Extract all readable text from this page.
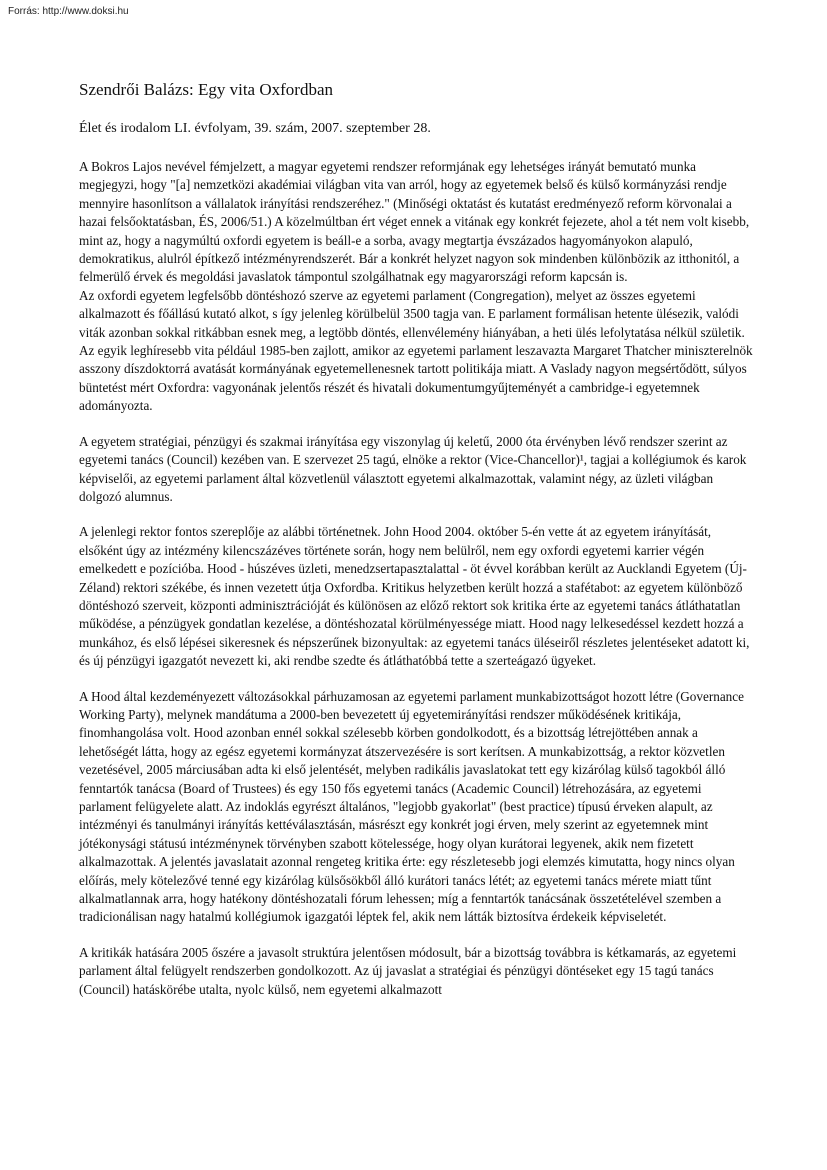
Forrás: http://www.doksi.hu
Szendrői Balázs: Egy vita Oxfordban
Élet és irodalom LI. évfolyam, 39. szám, 2007. szeptember 28.
A Bokros Lajos nevével fémjelzett, a magyar egyetemi rendszer reformjának egy lehetséges irányát bemutató munka megjegyzi, hogy "[a] nemzetközi akadémiai világban vita van arról, hogy az egyetemek belső és külső kormányzási rendje mennyire hasonlítson a vállalatok irányítási rendszeréhez." (Minőségi oktatást és kutatást eredményező reform körvonalai a hazai felsőoktatásban, ÉS, 2006/51.) A közelmúltban ért véget ennek a vitának egy konkrét fejezete, ahol a tét nem volt kisebb, mint az, hogy a nagymúltú oxfordi egyetem is beáll-e a sorba, avagy megtartja évszázados hagyományokon alapuló, demokratikus, alulról építkező intézményrendszerét. Bár a konkrét helyzet nagyon sok mindenben különbözik az itthonitól, a felmerülő érvek és megoldási javaslatok támpontul szolgálhatnak egy magyarországi reform kapcsán is.
Az oxfordi egyetem legfelsőbb döntéshozó szerve az egyetemi parlament (Congregation), melyet az összes egyetemi alkalmazott és főállású kutató alkot, s így jelenleg körülbelül 3500 tagja van. E parlament formálisan hetente ülésezik, valódi viták azonban sokkal ritkábban esnek meg, a legtöbb döntés, ellenvélemény hiányában, a heti ülés lefolytatása nélkül születik. Az egyik leghíresebb vita például 1985-ben zajlott, amikor az egyetemi parlament leszavazta Margaret Thatcher miniszterelnök asszony díszdoktorrá avatását kormányának egyetemellenesnek tartott politikája miatt. A Vaslady nagyon megsértődött, súlyos büntetést mért Oxfordra: vagyonának jelentős részét és hivatali dokumentumgyűjteményét a cambridge-i egyetemnek adományozta.
A egyetem stratégiai, pénzügyi és szakmai irányítása egy viszonylag új keletű, 2000 óta érvényben lévő rendszer szerint az egyetemi tanács (Council) kezében van. E szervezet 25 tagú, elnöke a rektor (Vice-Chancellor)¹, tagjai a kollégiumok és karok képviselői, az egyetemi parlament által közvetlenül választott egyetemi alkalmazottak, valamint négy, az üzleti világban dolgozó alumnus.
A jelenlegi rektor fontos szereplője az alábbi történetnek. John Hood 2004. október 5-én vette át az egyetem irányítását, elsőként úgy az intézmény kilencszázéves története során, hogy nem belülről, nem egy oxfordi egyetemi karrier végén emelkedett e pozícióba. Hood - húszéves üzleti, menedzsertapasztalattal - öt évvel korábban került az Aucklandi Egyetem (Új-Zéland) rektori székébe, és innen vezetett útja Oxfordba. Kritikus helyzetben került hozzá a stafétabot: az egyetem különböző döntéshozó szerveit, központi adminisztrációját és különösen az előző rektort sok kritika érte az egyetemi tanács átláthatatlan működése, a pénzügyek gondatlan kezelése, a döntéshozatal körülményessége miatt. Hood nagy lelkesedéssel kezdett hozzá a munkához, és első lépései sikeresnek és népszerűnek bizonyultak: az egyetemi tanács üléseiről részletes jelentéseket adatott ki, és új pénzügyi igazgatót nevezett ki, aki rendbe szedte és átláthatóbbá tette a szerteágazó ügyeket.
A Hood által kezdeményezett változásokkal párhuzamosan az egyetemi parlament munkabizottságot hozott létre (Governance Working Party), melynek mandátuma a 2000-ben bevezetett új egyetemirányítási rendszer működésének kritikája, finomhangolása volt. Hood azonban ennél sokkal szélesebb körben gondolkodott, és a bizottság létrejöttében annak a lehetőségét látta, hogy az egész egyetemi kormányzat átszervezésére is sort kerítsen. A munkabizottság, a rektor közvetlen vezetésével, 2005 márciusában adta ki első jelentését, melyben radikális javaslatokat tett egy kizárólag külső tagokból álló fenntartók tanácsa (Board of Trustees) és egy 150 fős egyetemi tanács (Academic Council) létrehozására, az egyetemi parlament felügyelete alatt. Az indoklás egyrészt általános, "legjobb gyakorlat" (best practice) típusú érveken alapult, az intézményi és tanulmányi irányítás kettéválasztásán, másrészt egy konkrét jogi érven, mely szerint az egyetemnek mint jótékonysági státusú intézménynek törvényben szabott kötelessége, hogy olyan kurátorai legyenek, akik nem fizetett alkalmazottak. A jelentés javaslatait azonnal rengeteg kritika érte: egy részletesebb jogi elemzés kimutatta, hogy nincs olyan előírás, mely kötelezővé tenné egy kizárólag külsősökből álló kurátori tanács létét; az egyetemi tanács mérete miatt tűnt alkalmatlannak arra, hogy hatékony döntéshozatali fórum lehessen; míg a fenntartók tanácsának összetételével szemben a tradicionálisan nagy hatalmú kollégiumok igazgatói léptek fel, akik nem látták biztosítva érdekeik képviseletét.
A kritikák hatására 2005 őszére a javasolt struktúra jelentősen módosult, bár a bizottság továbbra is kétkamarás, az egyetemi parlament által felügyelt rendszerben gondolkozott. Az új javaslat a stratégiai és pénzügyi döntéseket egy 15 tagú tanács (Council) hatáskörébe utalta, nyolc külső, nem egyetemi alkalmazott
